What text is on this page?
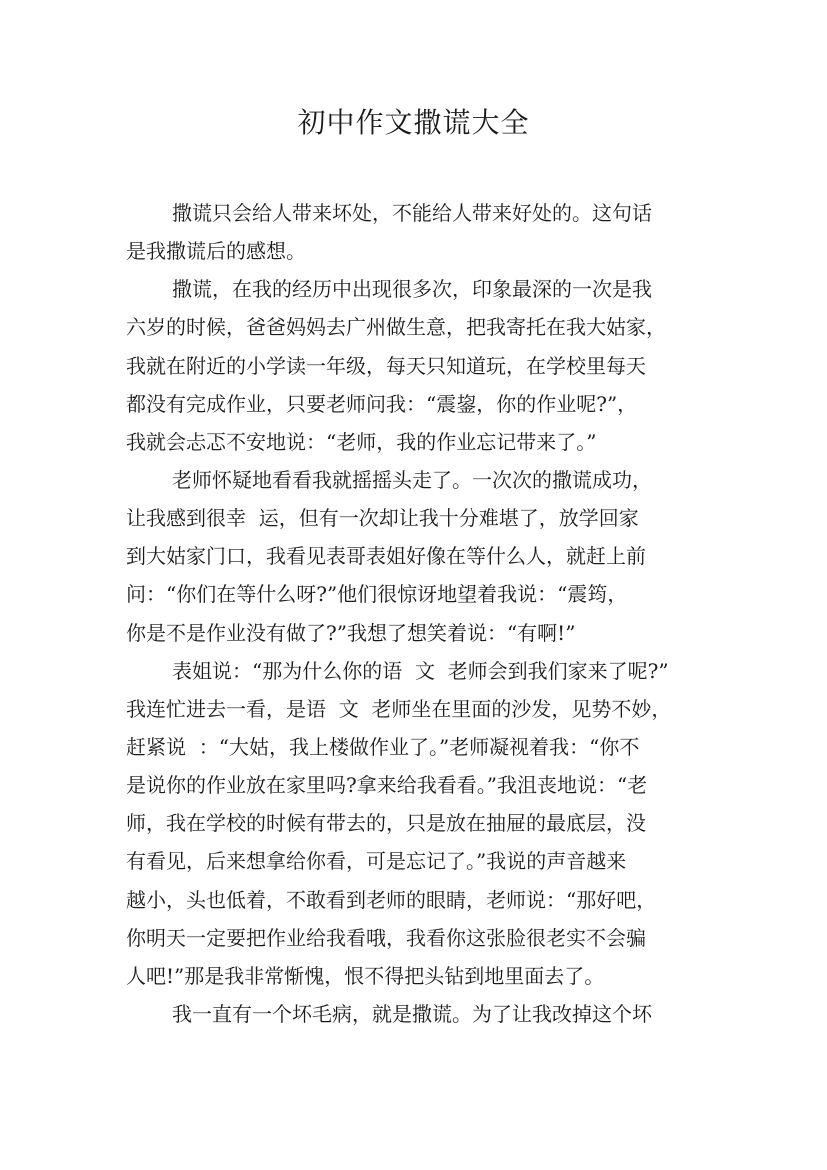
初中作文撒谎大全
撒谎只会给人带来坏处，不能给人带来好处的。这句话
是我撒谎后的感想。
撒谎，在我的经历中出现很多次，印象最深的一次是我
六岁的时候，爸爸妈妈去广州做生意，把我寄托在我大姑家，
我就在附近的小学读一年级，每天只知道玩，在学校里每天
都没有完成作业，只要老师问我：“震鋆，你的作业呢?”，
我就会忐忑不安地说：“老师，我的作业忘记带来了。”
老师怀疑地看看我就摇摇头走了。一次次的撒谎成功，
让我感到很幸  运，但有一次却让我十分难堪了，放学回家
到大姑家门口，我看见表哥表姐好像在等什么人，就赶上前
问：“你们在等什么呀?”他们很惊讶地望着我说：“震筠，
你是不是作业没有做了?”我想了想笑着说：“有啊!”
表姐说：“那为什么你的语  文  老师会到我们家来了呢?”
我连忙进去一看，是语  文  老师坐在里面的沙发，见势不妙，
赶紧说  ：“大姑，我上楼做作业了。”老师凝视着我：“你不
是说你的作业放在家里吗?拿来给我看看。”我沮丧地说：“老
师，我在学校的时候有带去的，只是放在抽屉的最底层，没
有看见，后来想拿给你看，可是忘记了。”我说的声音越来
越小，头也低着，不敢看到老师的眼睛，老师说：“那好吧，
你明天一定要把作业给我看哦，我看你这张脸很老实不会骗
人吧!”那是我非常惭愧，恨不得把头钻到地里面去了。
我一直有一个坏毛病，就是撒谎。为了让我改掉这个坏
